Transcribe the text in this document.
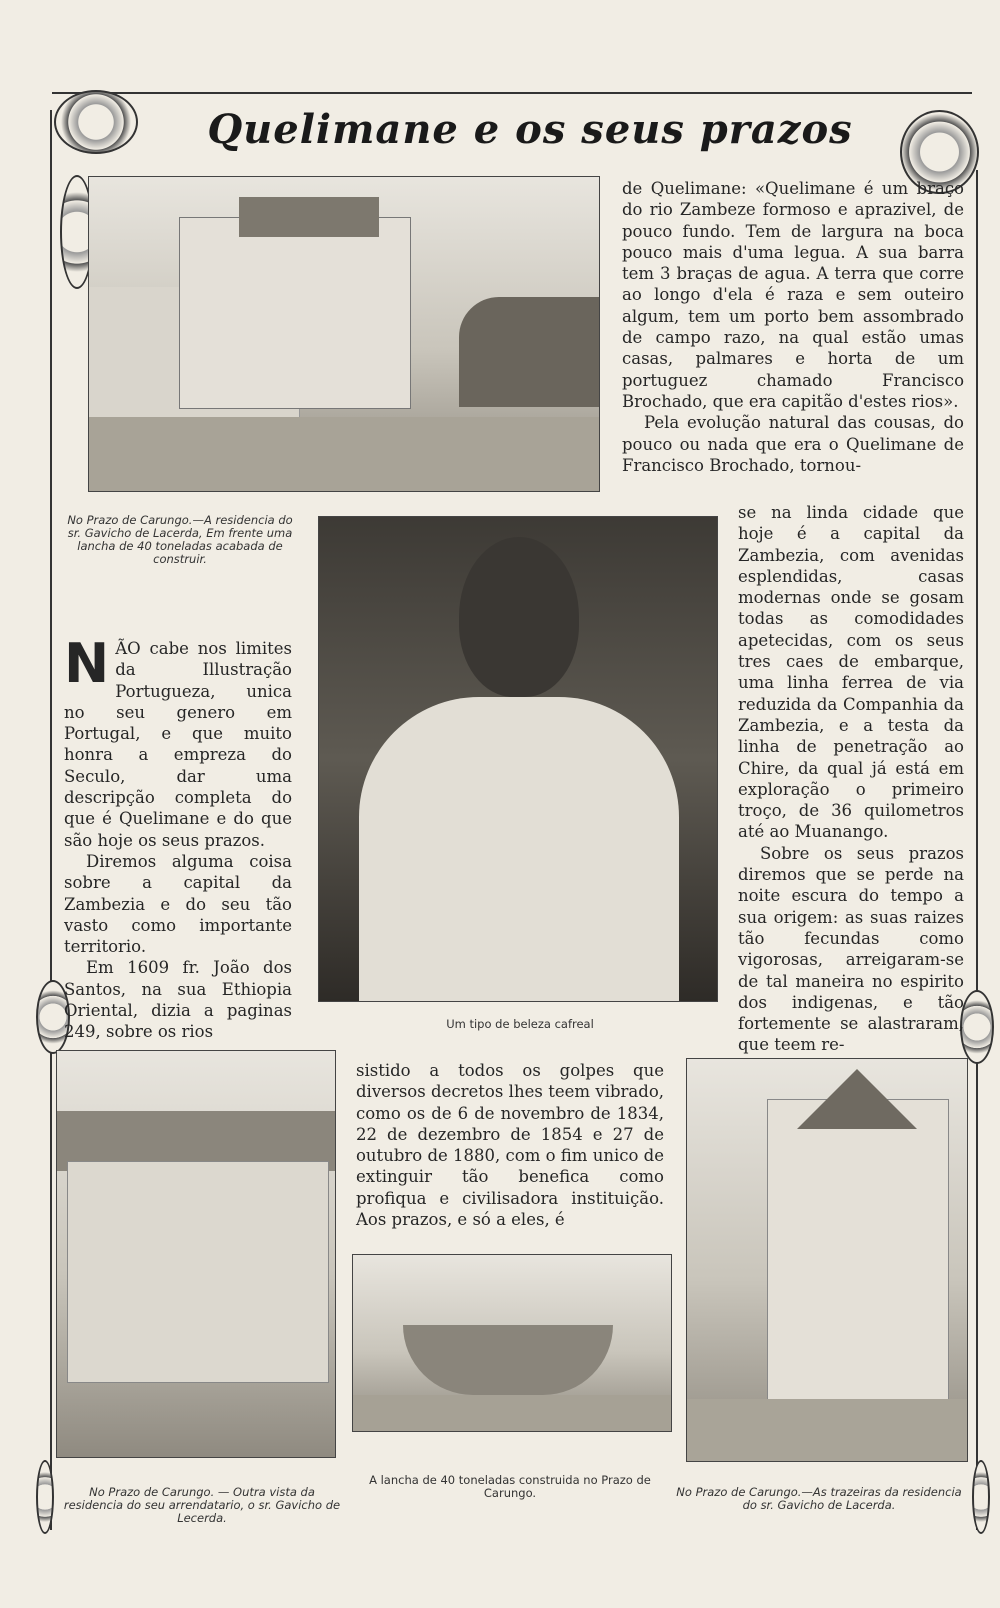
Quelimane e os seus prazos
No Prazo de Carungo.—A residencia do sr. Gavicho de Lacerda, Em frente uma lancha de 40 toneladas acabada de construir.
Um tipo de beleza cafreal

de Quelimane: «Quelimane é um braço do rio Zambeze formoso e aprazivel, de pouco fundo. Tem de largura na boca pouco mais d'uma legua. A sua barra tem 3 braças de agua. A terra que corre ao longo d'ela é raza e sem outeiro algum, tem um porto bem assombrado de campo razo, na qual estão umas casas, palmares e horta de um portuguez chamado Francisco Brochado, que era capitão d'estes rios».

Pela evolução natural das cousas, do pouco ou nada que era o Quelimane de Francisco Brochado, tornou-

se na linda cidade que hoje é a capital da Zambezia, com avenidas esplendidas, casas modernas onde se gosam todas as comodidades apetecidas, com os seus tres caes de embarque, uma linha ferrea de via reduzida da Companhia da Zambezia, e a testa da linha de penetração ao Chire, da qual já está em exploração o primeiro troço, de 36 quilometros até ao Muanango.

Sobre os seus prazos diremos que se perde na noite escura do tempo a sua origem: as suas raizes tão fecundas como vigorosas, arreigaram-se de tal maneira no espirito dos indigenas, e tão fortemente se alastraram, que teem re-

NÃO cabe nos limites da Illustração Portugueza, unica no seu genero em Portugal, e que muito honra a empreza do Seculo, dar uma descripção completa do que é Quelimane e do que são hoje os seus prazos.

Diremos alguma coisa sobre a capital da Zambezia e do seu tão vasto como importante territorio.

Em 1609 fr. João dos Santos, na sua Ethiopia Oriental, dizia a paginas 249, sobre os rios

No Prazo de Carungo. — Outra vista da residencia do seu arrendatario, o sr. Gavicho de Lecerda.

sistido a todos os golpes que diversos decretos lhes teem vibrado, como os de 6 de novembro de 1834, 22 de dezembro de 1854 e 27 de outubro de 1880, com o fim unico de extinguir tão benefica como profiqua e civilisadora instituição. Aos prazos, e só a eles, é

A lancha de 40 toneladas construida no Prazo de Carungo.	No Prazo de Carungo.—As trazeiras da residencia do sr. Gavicho de Lacerda.
